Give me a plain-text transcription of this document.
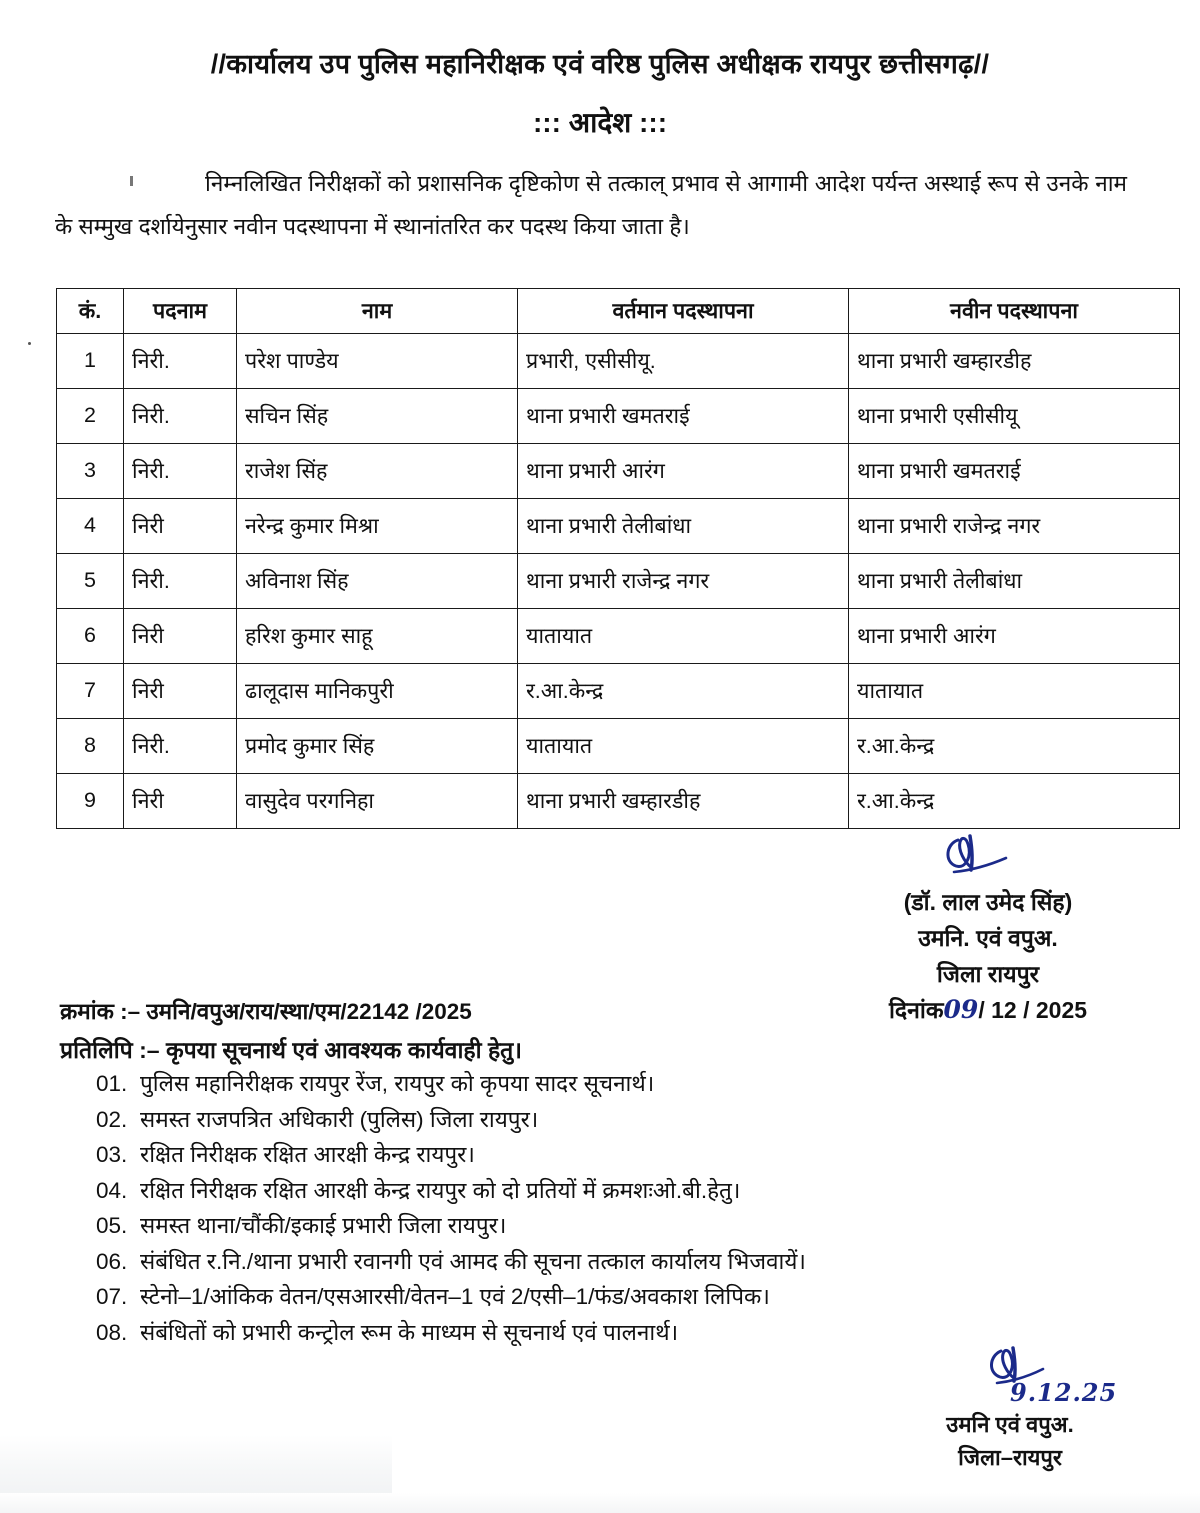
//कार्यालय उप पुलिस महानिरीक्षक एवं वरिष्ठ पुलिस अधीक्षक रायपुर छत्तीसगढ़//
::: आदेश :::
निम्नलिखित निरीक्षकों को प्रशासनिक दृष्टिकोण से तत्काल् प्रभाव से आगामी आदेश पर्यन्त अस्थाई रूप से उनके नाम के सम्मुख दर्शायेनुसार नवीन पदस्थापना में स्थानांतरित कर पदस्थ किया जाता है।
कं.	पदनाम	नाम	वर्तमान पदस्थापना	नवीन पदस्थापना
1	निरी.	परेश पाण्डेय	प्रभारी, एसीसीयू.	थाना प्रभारी खम्हारडीह
2	निरी.	सचिन सिंह	थाना प्रभारी खमतराई	थाना प्रभारी एसीसीयू
3	निरी.	राजेश सिंह	थाना प्रभारी आरंग	थाना प्रभारी खमतराई
4	निरी	नरेन्द्र कुमार मिश्रा	थाना प्रभारी तेलीबांधा	थाना प्रभारी राजेन्द्र नगर
5	निरी.	अविनाश सिंह	थाना प्रभारी राजेन्द्र नगर	थाना प्रभारी तेलीबांधा
6	निरी	हरिश कुमार साहू	यातायात	थाना प्रभारी आरंग
7	निरी	ढालूदास मानिकपुरी	र.आ.केन्द्र	यातायात
8	निरी.	प्रमोद कुमार सिंह	यातायात	र.आ.केन्द्र
9	निरी	वासुदेव परगनिहा	थाना प्रभारी खम्हारडीह	र.आ.केन्द्र
(डॉ. लाल उमेद सिंह)
उमनि. एवं वपुअ.
जिला रायपुर
दिनांक09/ 12 / 2025
क्रमांक :– उमनि/वपुअ/राय/स्था/एम/22142 /2025
प्रतिलिपि :– कृपया सूचनार्थ एवं आवश्यक कार्यवाही हेतु।
01. पुलिस महानिरीक्षक रायपुर रेंज, रायपुर को कृपया सादर सूचनार्थ।
02. समस्त राजपत्रित अधिकारी (पुलिस) जिला रायपुर।
03. रक्षित निरीक्षक रक्षित आरक्षी केन्द्र रायपुर।
04. रक्षित निरीक्षक रक्षित आरक्षी केन्द्र रायपुर को दो प्रतियों में क्रमशःओ.बी.हेतु।
05. समस्त थाना/चौंकी/इकाई प्रभारी जिला रायपुर।
06. संबंधित र.नि./थाना प्रभारी रवानगी एवं आमद की सूचना तत्काल कार्यालय भिजवायें।
07. स्टेनो–1/आंकिक वेतन/एसआरसी/वेतन–1 एवं 2/एसी–1/फंड/अवकाश लिपिक।
08. संबंधितों को प्रभारी कन्ट्रोल रूम के माध्यम से सूचनार्थ एवं पालनार्थ।
9.12.25
उमनि एवं वपुअ.
जिला–रायपुर
